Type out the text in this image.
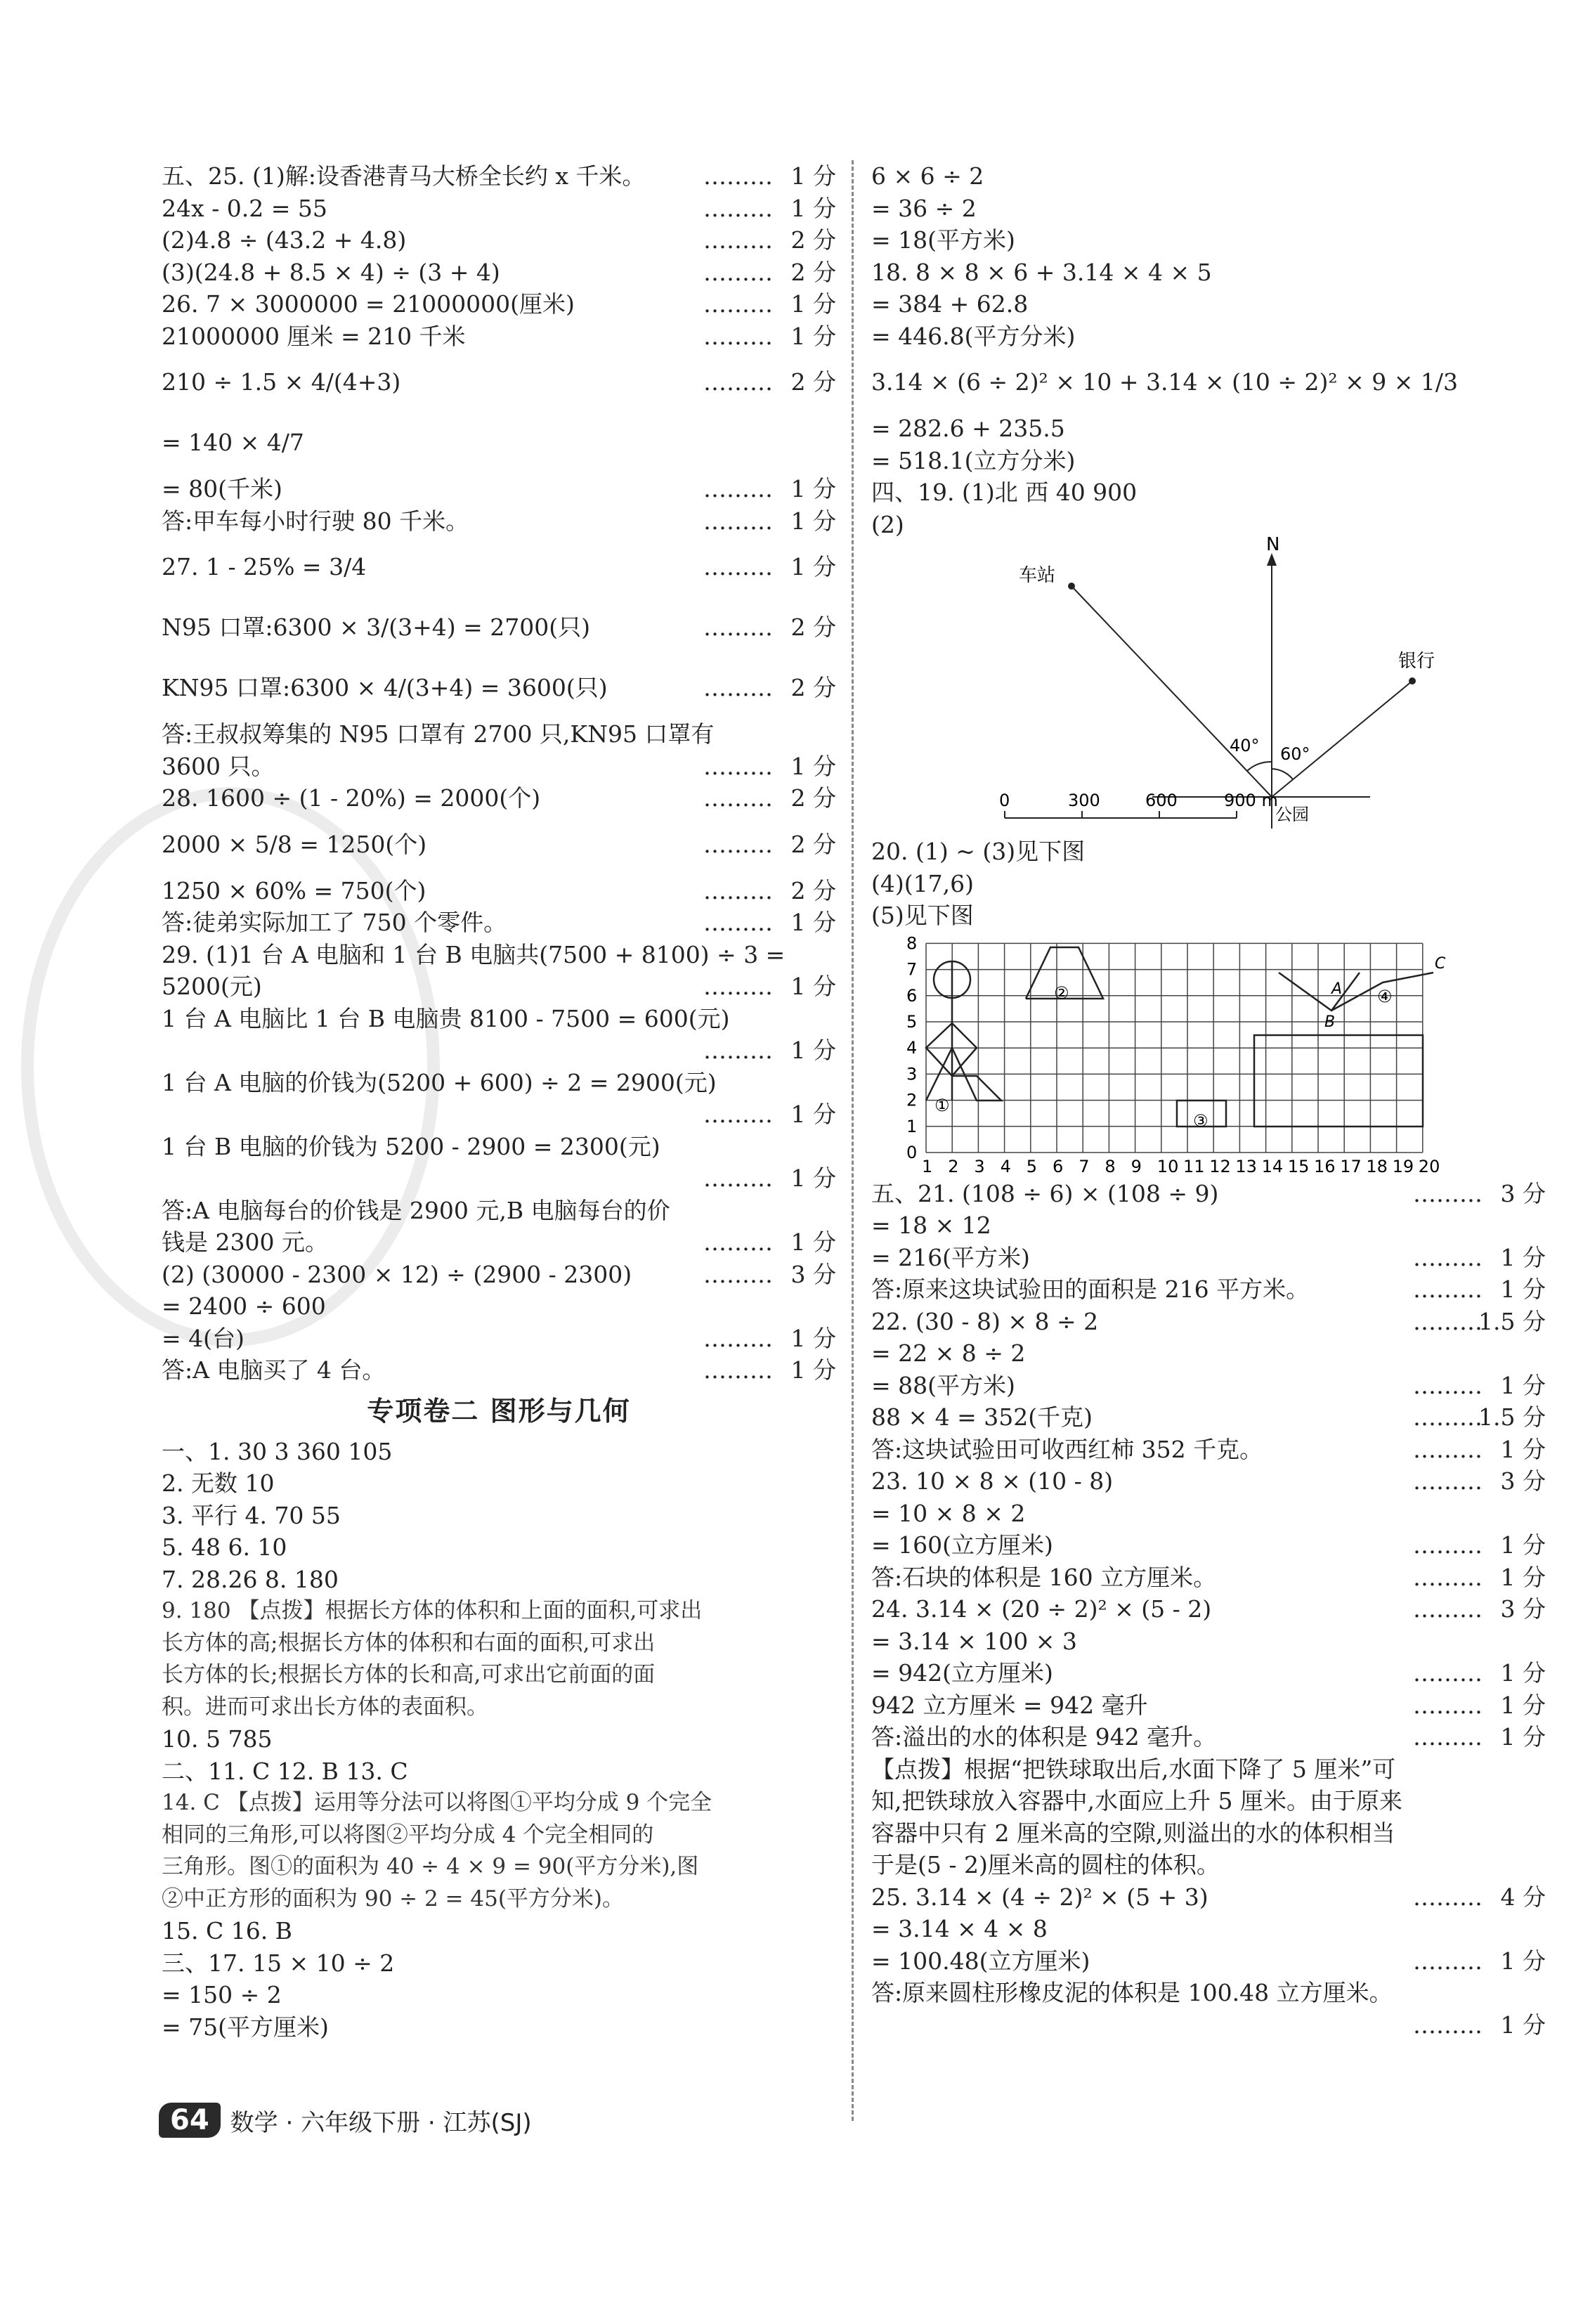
五、25. (1)解:设香港青马大桥全长约 x 千米。	1 分
………
24x - 0.2 = 55	1 分
………
(2)4.8 ÷ (43.2 + 4.8)	2 分
………
(3)(24.8 + 8.5 × 4) ÷ (3 + 4)	2 分
………
26. 7 × 3000000 = 21000000(厘米)	1 分
………
21000000 厘米 = 210 千米	1 分
………
210 ÷ 1.5 × 4/(4+3)	2 分
………
= 140 × 4/7
= 80(千米)	1 分
………
答:甲车每小时行驶 80 千米。	1 分
………
27. 1 - 25% = 3/4	1 分
………
N95 口罩:6300 × 3/(3+4) = 2700(只)	2 分
………
KN95 口罩:6300 × 4/(3+4) = 3600(只)	2 分
………
答:王叔叔筹集的 N95 口罩有 2700 只,KN95 口罩有
3600 只。	1 分
………
28. 1600 ÷ (1 - 20%) = 2000(个)	2 分
………
2000 × 5/8 = 1250(个)	2 分
………
1250 × 60% = 750(个)	2 分
………
答:徒弟实际加工了 750 个零件。	1 分
………
29. (1)1 台 A 电脑和 1 台 B 电脑共(7500 + 8100) ÷ 3 =
5200(元)	1 分
………
1 台 A 电脑比 1 台 B 电脑贵 8100 - 7500 = 600(元)
1 分
………
1 台 A 电脑的价钱为(5200 + 600) ÷ 2 = 2900(元)
1 分
………
1 台 B 电脑的价钱为 5200 - 2900 = 2300(元)
1 分
………
答:A 电脑每台的价钱是 2900 元,B 电脑每台的价
钱是 2300 元。	1 分
………
(2) (30000 - 2300 × 12) ÷ (2900 - 2300)	3 分
………
= 2400 ÷ 600
= 4(台)	1 分
………
答:A 电脑买了 4 台。	1 分
………
专项卷二 图形与几何
一、1. 30 3 360 105
2. 无数 10
3. 平行 4. 70 55
5. 48 6. 10
7. 28.26 8. 180
9. 180 【点拨】根据长方体的体积和上面的面积,可求出
长方体的高;根据长方体的体积和右面的面积,可求出
长方体的长;根据长方体的长和高,可求出它前面的面
积。进而可求出长方体的表面积。
10. 5 785
二、11. C 12. B 13. C
14. C 【点拨】运用等分法可以将图①平均分成 9 个完全
相同的三角形,可以将图②平均分成 4 个完全相同的
三角形。图①的面积为 40 ÷ 4 × 9 = 90(平方分米),图
②中正方形的面积为 90 ÷ 2 = 45(平方分米)。
15. C 16. B
三、17. 15 × 10 ÷ 2
= 150 ÷ 2
= 75(平方厘米)
6 × 6 ÷ 2
= 36 ÷ 2
= 18(平方米)
18. 8 × 8 × 6 + 3.14 × 4 × 5
= 384 + 62.8
= 446.8(平方分米)
3.14 × (6 ÷ 2)² × 10 + 3.14 × (10 ÷ 2)² × 9 × 1/3
= 282.6 + 235.5
= 518.1(立方分米)
四、19. (1)北 西 40 900
(2)
N
车站
银行
40° 60°
公园
0	300	600	900 m
20. (1) ~ (3)见下图
(4)(17,6)
(5)见下图
1 2 3 4 5 6 7 8 9 10 11 12 13 14 15 16 17 18 19 20
0
1
2
3
4
5
6
7
8
①
②
③
④
A
B
C
五、21. (108 ÷ 6) × (108 ÷ 9)	3 分
………
= 18 × 12
= 216(平方米)	1 分
………
答:原来这块试验田的面积是 216 平方米。	1 分
………
22. (30 - 8) × 8 ÷ 2	1.5 分
………
= 22 × 8 ÷ 2
= 88(平方米)	1 分
………
88 × 4 = 352(千克)	1.5 分
………
答:这块试验田可收西红柿 352 千克。	1 分
………
23. 10 × 8 × (10 - 8)	3 分
………
= 10 × 8 × 2
= 160(立方厘米)	1 分
………
答:石块的体积是 160 立方厘米。	1 分
………
24. 3.14 × (20 ÷ 2)² × (5 - 2)	3 分
………
= 3.14 × 100 × 3
= 942(立方厘米)	1 分
………
942 立方厘米 = 942 毫升	1 分
………
答:溢出的水的体积是 942 毫升。	1 分
………
【点拨】根据“把铁球取出后,水面下降了 5 厘米”可
知,把铁球放入容器中,水面应上升 5 厘米。由于原来
容器中只有 2 厘米高的空隙,则溢出的水的体积相当
于是(5 - 2)厘米高的圆柱的体积。
25. 3.14 × (4 ÷ 2)² × (5 + 3)	4 分
………
= 3.14 × 4 × 8
= 100.48(立方厘米)	1 分
………
答:原来圆柱形橡皮泥的体积是 100.48 立方厘米。
1 分
………
64 数学 · 六年级下册 · 江苏(SJ)
